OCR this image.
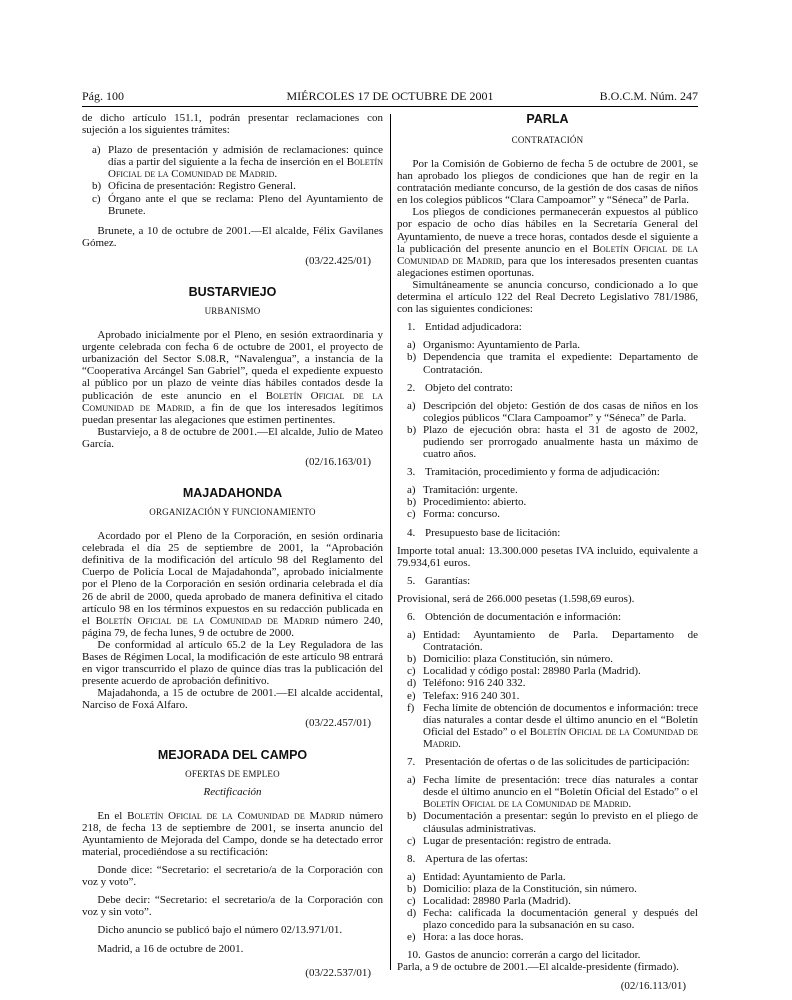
Pág. 100	MIÉRCOLES 17 DE OCTUBRE DE 2001	B.O.C.M. Núm. 247

de dicho artículo 151.1, podrán presentar reclamaciones con sujeción a los siguientes trámites:

a) Plazo de presentación y admisión de reclamaciones: quince días a partir del siguiente a la fecha de inserción en el Boletín Oficial de la Comunidad de Madrid.
b) Oficina de presentación: Registro General.
c) Órgano ante el que se reclama: Pleno del Ayuntamiento de Brunete.

Brunete, a 10 de octubre de 2001.—El alcalde, Félix Gavilanes Gómez.

(03/22.425/01)

BUSTARVIEJO

URBANISMO

Aprobado inicialmente por el Pleno, en sesión extraordinaria y urgente celebrada con fecha 6 de octubre de 2001, el proyecto de urbanización del Sector S.08.R, “Navalengua”, a instancia de la “Cooperativa Arcángel San Gabriel”, queda el expediente expuesto al público por un plazo de veinte días hábiles contados desde la publicación de este anuncio en el Boletín Oficial de la Comunidad de Madrid, a fin de que los interesados legítimos puedan presentar las alegaciones que estimen pertinentes.

Bustarviejo, a 8 de octubre de 2001.—El alcalde, Julio de Mateo García.

(02/16.163/01)

MAJADAHONDA

ORGANIZACIÓN Y FUNCIONAMIENTO

Acordado por el Pleno de la Corporación, en sesión ordinaria celebrada el día 25 de septiembre de 2001, la “Aprobación definitiva de la modificación del artículo 98 del Reglamento del Cuerpo de Policía Local de Majadahonda”, aprobado inicialmente por el Pleno de la Corporación en sesión ordinaria celebrada el día 26 de abril de 2000, queda aprobado de manera definitiva el citado artículo 98 en los términos expuestos en su redacción publicada en el Boletín Oficial de la Comunidad de Madrid número 240, página 79, de fecha lunes, 9 de octubre de 2000.

De conformidad al artículo 65.2 de la Ley Reguladora de las Bases de Régimen Local, la modificación de este artículo 98 entrará en vigor transcurrido el plazo de quince días tras la publicación del presente acuerdo de aprobación definitivo.

Majadahonda, a 15 de octubre de 2001.—El alcalde accidental, Narciso de Foxá Alfaro.

(03/22.457/01)

MEJORADA DEL CAMPO

OFERTAS DE EMPLEO

Rectificación

En el Boletín Oficial de la Comunidad de Madrid número 218, de fecha 13 de septiembre de 2001, se inserta anuncio del Ayuntamiento de Mejorada del Campo, donde se ha detectado error material, procediéndose a su rectificación:

Donde dice: “Secretario: el secretario/a de la Corporación con voz y voto”.

Debe decir: “Secretario: el secretario/a de la Corporación con voz y sin voto”.

Dicho anuncio se publicó bajo el número 02/13.971/01.

Madrid, a 16 de octubre de 2001.

(03/22.537/01)

PARLA

CONTRATACIÓN

Por la Comisión de Gobierno de fecha 5 de octubre de 2001, se han aprobado los pliegos de condiciones que han de regir en la contratación mediante concurso, de la gestión de dos casas de niños en los colegios públicos “Clara Campoamor” y “Séneca” de Parla.

Los pliegos de condiciones permanecerán expuestos al público por espacio de ocho días hábiles en la Secretaría General del Ayuntamiento, de nueve a trece horas, contados desde el siguiente a la publicación del presente anuncio en el Boletín Oficial de la Comunidad de Madrid, para que los interesados presenten cuantas alegaciones estimen oportunas.

Simultáneamente se anuncia concurso, condicionado a lo que determina el artículo 122 del Real Decreto Legislativo 781/1986, con las siguientes condiciones:

1. Entidad adjudicadora:
a) Organismo: Ayuntamiento de Parla.
b) Dependencia que tramita el expediente: Departamento de Contratación.
2. Objeto del contrato:
a) Descripción del objeto: Gestión de dos casas de niños en los colegios públicos “Clara Campoamor” y “Séneca” de Parla.
b) Plazo de ejecución obra: hasta el 31 de agosto de 2002, pudiendo ser prorrogado anualmente hasta un máximo de cuatro años.
3. Tramitación, procedimiento y forma de adjudicación:
a) Tramitación: urgente.
b) Procedimiento: abierto.
c) Forma: concurso.
4. Presupuesto base de licitación:

Importe total anual: 13.300.000 pesetas IVA incluido, equivalente a 79.934,61 euros.

5. Garantías:

Provisional, será de 266.000 pesetas (1.598,69 euros).

6. Obtención de documentación e información:
a) Entidad: Ayuntamiento de Parla. Departamento de Contratación.
b) Domicilio: plaza Constitución, sin número.
c) Localidad y código postal: 28980 Parla (Madrid).
d) Teléfono: 916 240 332.
e) Telefax: 916 240 301.
f) Fecha límite de obtención de documentos e información: trece días naturales a contar desde el último anuncio en el “Boletín Oficial del Estado” o el Boletín Oficial de la Comunidad de Madrid.
7. Presentación de ofertas o de las solicitudes de participación:
a) Fecha límite de presentación: trece días naturales a contar desde el último anuncio en el “Boletín Oficial del Estado” o el Boletín Oficial de la Comunidad de Madrid.
b) Documentación a presentar: según lo previsto en el pliego de cláusulas administrativas.
c) Lugar de presentación: registro de entrada.
8. Apertura de las ofertas:
a) Entidad: Ayuntamiento de Parla.
b) Domicilio: plaza de la Constitución, sin número.
c) Localidad: 28980 Parla (Madrid).
d) Fecha: calificada la documentación general y después del plazo concedido para la subsanación en su caso.
e) Hora: a las doce horas.
10. Gastos de anuncio: correrán a cargo del licitador.

Parla, a 9 de octubre de 2001.—El alcalde-presidente (firmado).

(02/16.113/01)
